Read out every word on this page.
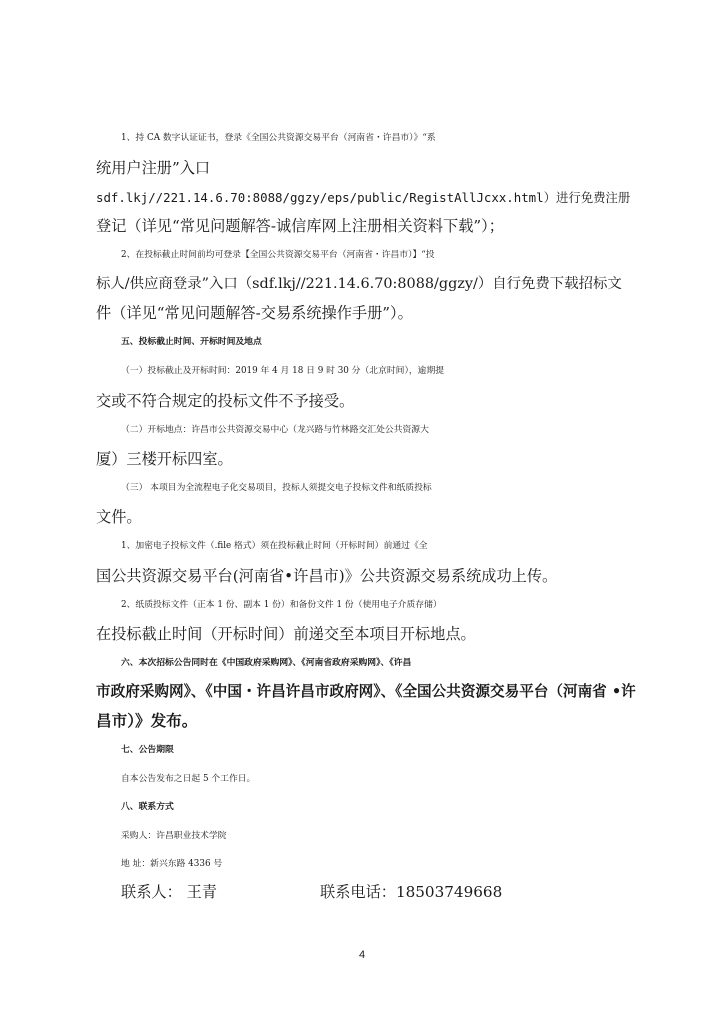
1、持 CA 数字认证证书，登录《全国公共资源交易平台（河南省・许昌市）》“系
统用户注册”入口
sdf.lkj//221.14.6.70:8088/ggzy/eps/public/RegistAllJcxx.html）进行免费注册
登记（详见“常见问题解答-诚信库网上注册相关资料下载”）；
2、在投标截止时间前均可登录【全国公共资源交易平台（河南省・许昌市）】“投
标人/供应商登录”入口（sdf.lkj//221.14.6.70:8088/ggzy/）自行免费下载招标文
件（详见“常见问题解答-交易系统操作手册”）。
五、投标截止时间、开标时间及地点
（一）投标截止及开标时间：2019 年 4 月 18 日 9 时 30 分（北京时间），逾期提
交或不符合规定的投标文件不予接受。
（二）开标地点：许昌市公共资源交易中心（龙兴路与竹林路交汇处公共资源大
厦）三楼开标四室。
（三） 本项目为全流程电子化交易项目，投标人须提交电子投标文件和纸质投标
文件。
1、加密电子投标文件（.file 格式）须在投标截止时间（开标时间）前通过《全
国公共资源交易平台(河南省•许昌市)》公共资源交易系统成功上传。
2、纸质投标文件（正本 1 份、副本 1 份）和备份文件 1 份（使用电子介质存储）
在投标截止时间（开标时间）前递交至本项目开标地点。
六、本次招标公告同时在《中国政府采购网》、《河南省政府采购网》、《许昌
市政府采购网》、《中国・许昌许昌市政府网》、《全国公共资源交易平台（河南省 •许
昌市）》发布。
七、公告期限
自本公告发布之日起 5 个工作日。
八、联系方式
采购人：许昌职业技术学院
地 址：新兴东路 4336 号
联系人： 王青	联系电话：18503749668
4
